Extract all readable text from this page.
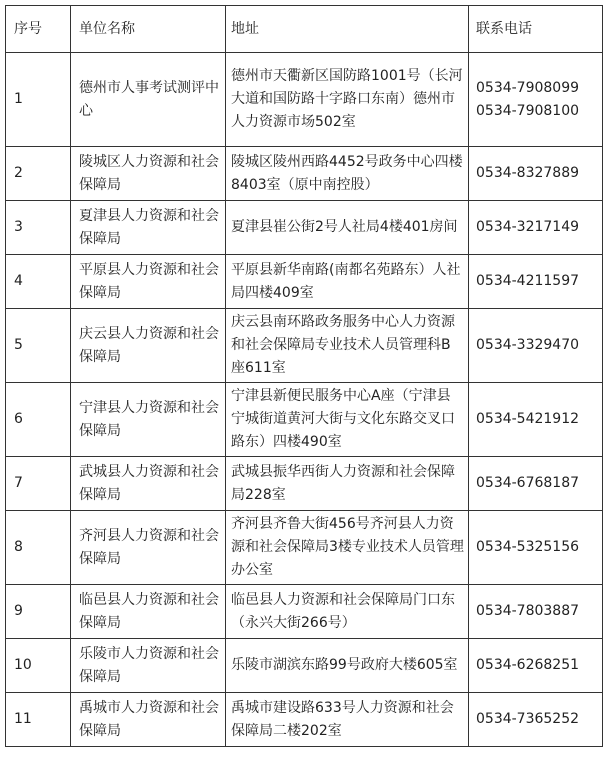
序号	单位名称	地址	联系电话
1	德州市人事考试测评中心	德州市天衢新区国防路1001号（长河大道和国防路十字路口东南）德州市人力资源市场502室	0534-7908099
0534-7908100

2	陵城区人力资源和社会保障局	陵城区陵州西路4452号政务中心四楼8403室（原中南控股）	0534-8327889

3	夏津县人力资源和社会保障局	夏津县崔公街2号人社局4楼401房间	0534-3217149

4	平原县人力资源和社会保障局	平原县新华南路(南都名苑路东）人社局四楼409室	0534-4211597

5	庆云县人力资源和社会保障局	庆云县南环路政务服务中心人力资源和社会保障局专业技术人员管理科B座611室	0534-3329470

6	宁津县人力资源和社会保障局	宁津县新便民服务中心A座（宁津县宁城街道黄河大街与文化东路交叉口路东）四楼490室	0534-5421912

7	武城县人力资源和社会保障局	武城县振华西街人力资源和社会保障局228室	0534-6768187

8	齐河县人力资源和社会保障局	齐河县齐鲁大街456号齐河县人力资源和社会保障局3楼专业技术人员管理办公室	0534-5325156

9	临邑县人力资源和社会保障局	临邑县人力资源和社会保障局门口东（永兴大街266号）	0534-7803887

10	乐陵市人力资源和社会保障局	乐陵市湖滨东路99号政府大楼605室	0534-6268251

11	禹城市人力资源和社会保障局	禹城市建设路633号人力资源和社会保障局二楼202室	0534-7365252
